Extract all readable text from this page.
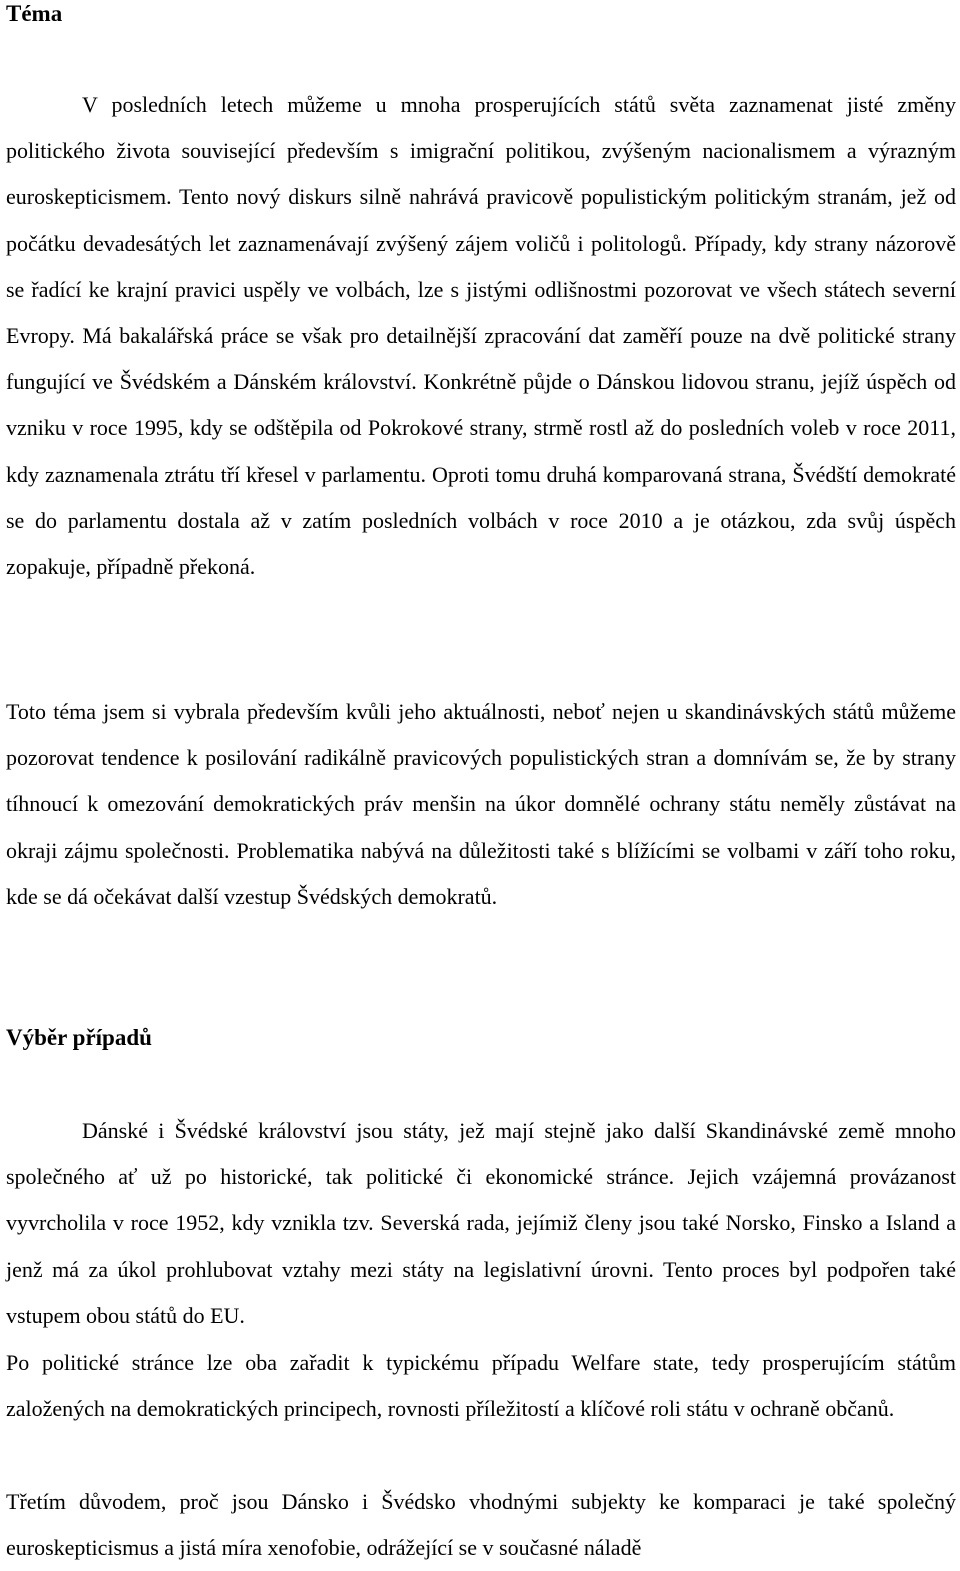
Téma

V posledních letech můžeme u mnoha prosperujících států světa zaznamenat jisté změny politického života související především s imigrační politikou, zvýšeným nacionalismem a výrazným euroskepticismem. Tento nový diskurs silně nahrává pravicově populistickým politickým stranám, jež od počátku devadesátých let zaznamenávají zvýšený zájem voličů i politologů. Případy, kdy strany názorově se řadící ke krajní pravici uspěly ve volbách, lze s jistými odlišnostmi pozorovat ve všech státech severní Evropy. Má bakalářská práce se však pro detailnější zpracování dat zaměří pouze na dvě politické strany fungující ve Švédském a Dánském království. Konkrétně půjde o Dánskou lidovou stranu, jejíž úspěch od vzniku v roce 1995, kdy se odštěpila od Pokrokové strany, strmě rostl až do posledních voleb v roce 2011, kdy zaznamenala ztrátu tří křesel v parlamentu. Oproti tomu druhá komparovaná strana, Švédští demokraté se do parlamentu dostala až v zatím posledních volbách v roce 2010 a je otázkou, zda svůj úspěch zopakuje, případně překoná.

Toto téma jsem si vybrala především kvůli jeho aktuálnosti, neboť nejen u skandinávských států můžeme pozorovat tendence k posilování radikálně pravicových populistických stran a domnívám se, že by strany tíhnoucí k omezování demokratických práv menšin na úkor domnělé ochrany státu neměly zůstávat na okraji zájmu společnosti. Problematika nabývá na důležitosti také s blížícími se volbami v září toho roku, kde se dá očekávat další vzestup Švédských demokratů.

Výběr případů

Dánské i Švédské království jsou státy, jež mají stejně jako další Skandinávské země mnoho společného ať už po historické, tak politické či ekonomické stránce. Jejich vzájemná provázanost vyvrcholila v roce 1952, kdy vznikla tzv. Severská rada, jejímiž členy jsou také Norsko, Finsko a Island a jenž má za úkol prohlubovat vztahy mezi státy na legislativní úrovni. Tento proces byl podpořen také vstupem obou států do EU.

Po politické stránce lze oba zařadit k typickému případu Welfare state, tedy prosperujícím státům založených na demokratických principech, rovnosti příležitostí a klíčové roli státu v ochraně občanů.

Třetím důvodem, proč jsou Dánsko i Švédsko vhodnými subjekty ke komparaci je také společný euroskepticismus a jistá míra xenofobie, odrážející se v současné náladě
